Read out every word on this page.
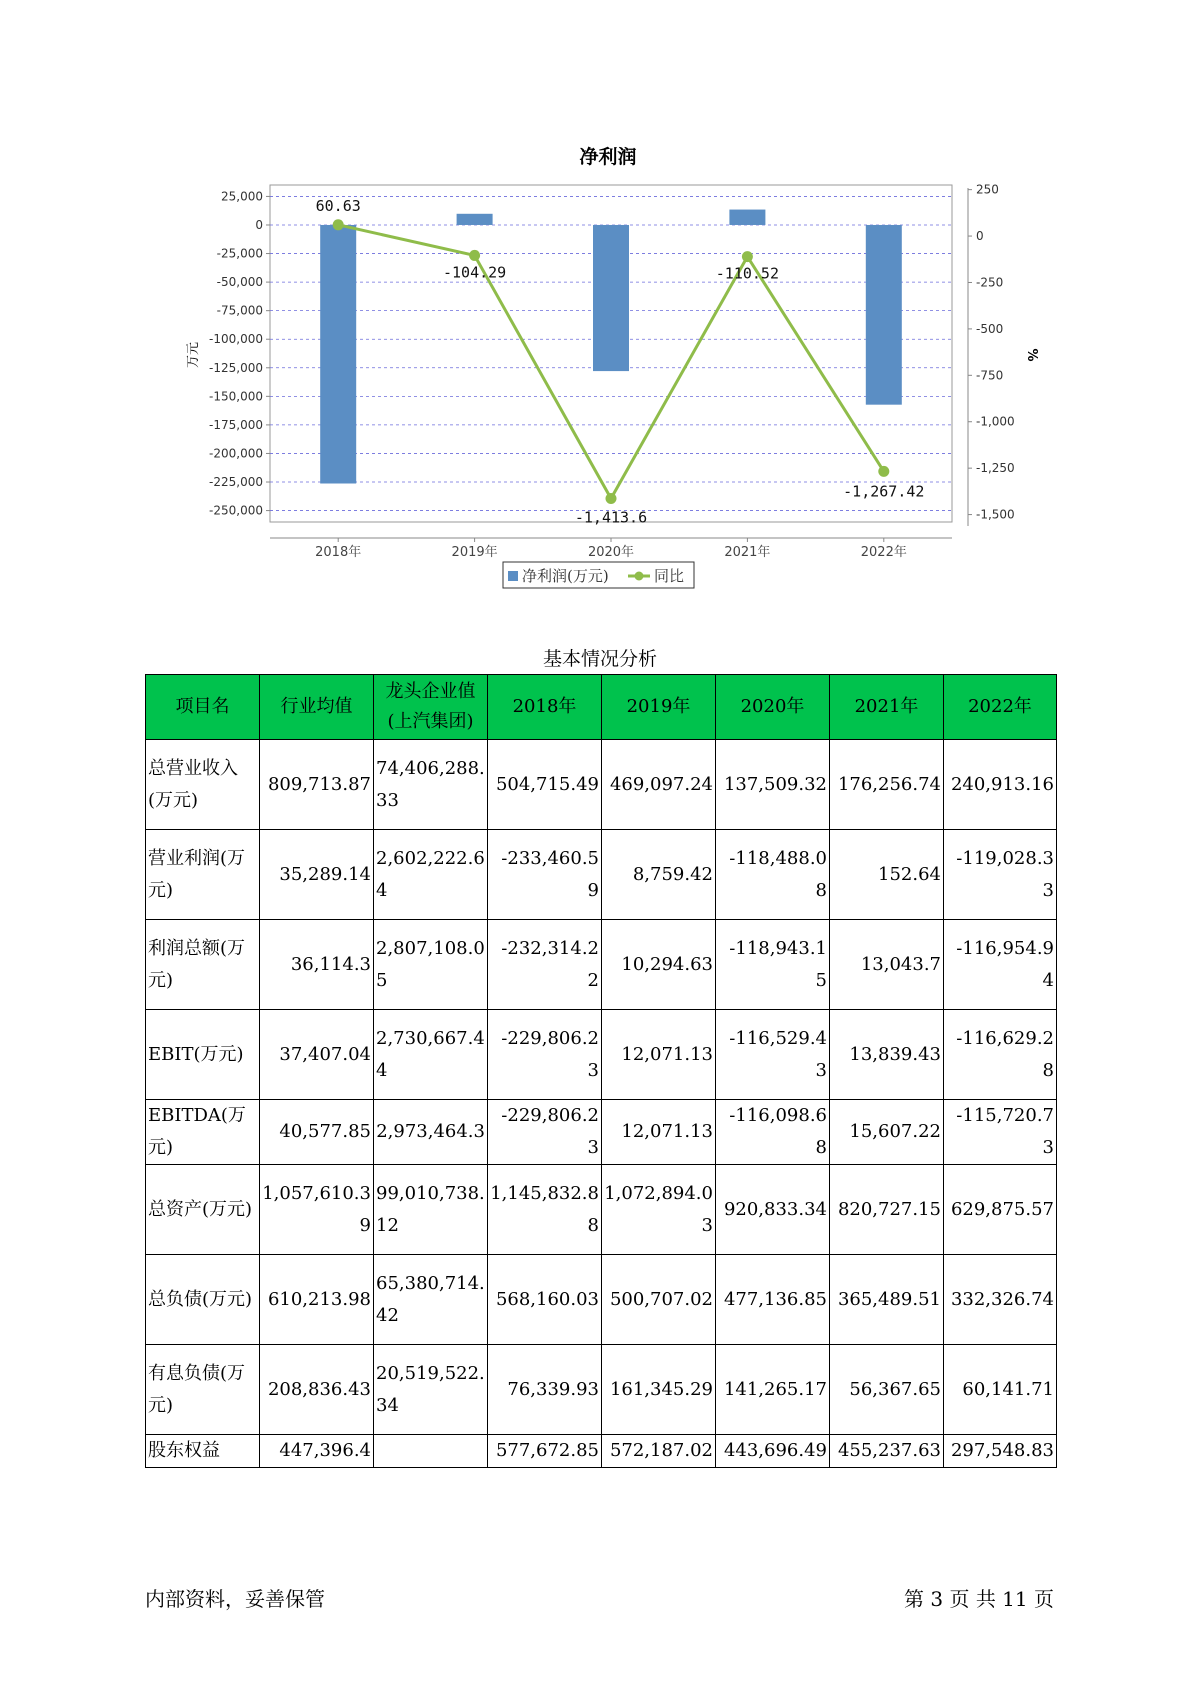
净利润
25,000
0
-25,000
-50,000
-75,000
-100,000
-125,000
-150,000
-175,000
-200,000
-225,000
-250,000
250
0
-250
-500
-750
-1,000
-1,250
-1,500
万元	%
2018年	2019年	2020年	2021年	2022年
60.63
-104.29
-1,413.6
-110.52
-1,267.42
净利润(万元)	同比
基本情况分析
项目名	行业均值	龙头企业值(上汽集团)	2018年	2019年	2020年	2021年	2022年
总营业收入(万元)	809,713.87	74,406,288.33	504,715.49	469,097.24	137,509.32	176,256.74	240,913.16
营业利润(万元)	35,289.14	2,602,222.64	-233,460.59	8,759.42	-118,488.08	152.64	-119,028.33
利润总额(万元)	36,114.3	2,807,108.05	-232,314.22	10,294.63	-118,943.15	13,043.7	-116,954.94
EBIT(万元)	37,407.04	2,730,667.44	-229,806.23	12,071.13	-116,529.43	13,839.43	-116,629.28
EBITDA(万元)	40,577.85	2,973,464.3	-229,806.23	12,071.13	-116,098.68	15,607.22	-115,720.73
总资产(万元)	1,057,610.39	99,010,738.12	1,145,832.88	1,072,894.03	920,833.34	820,727.15	629,875.57
总负债(万元)	610,213.98	65,380,714.42	568,160.03	500,707.02	477,136.85	365,489.51	332,326.74
有息负债(万元)	208,836.43	20,519,522.34	76,339.93	161,345.29	141,265.17	56,367.65	60,141.71
股东权益	447,396.4		577,672.85	572,187.02	443,696.49	455,237.63	297,548.83
内部资料，妥善保管	第 3 页 共 11 页
